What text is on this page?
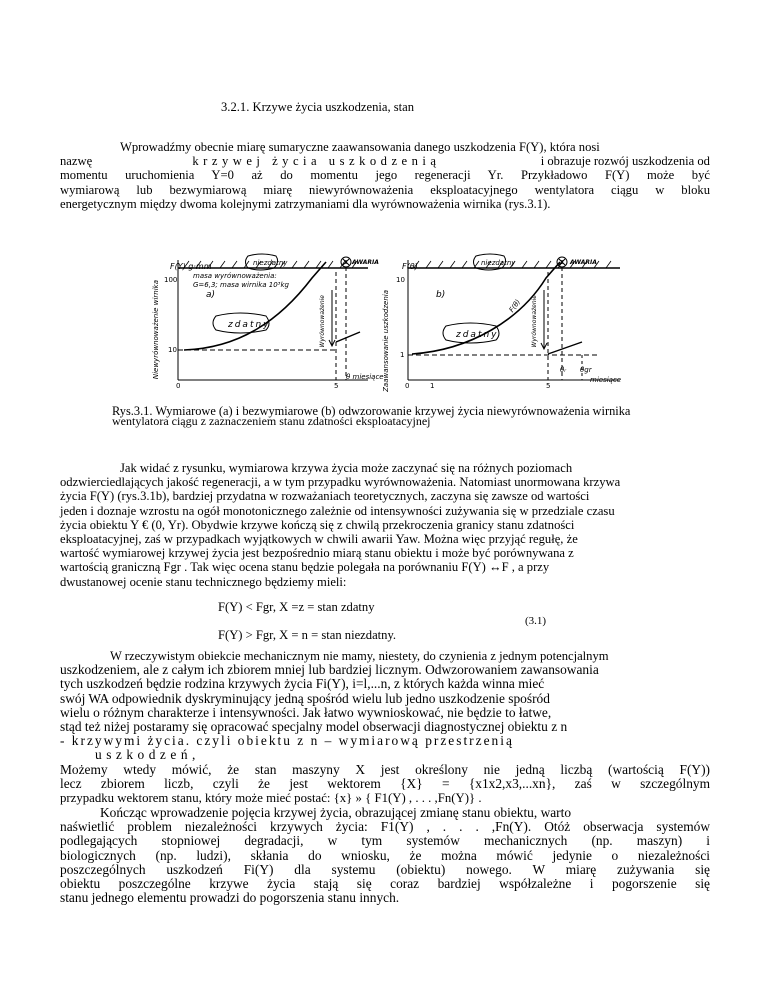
3.2.1. Krzywe życia uszkodzenia, stan
Wprowadźmy obecnie miarę sumaryczne zaawansowania danego uszkodzenia F(Y), która nosi
nazwę	krzywej życia uszkodzenią	i obrazuje rozwój uszkodzenia od
momentu uruchomienia Y=0 aż do momentu jego regeneracji Yr. Przykładowo F(Y) może być
wymiarową lub bezwymiarową miarę niewyrównoważenia eksploatacyjnego wentylatora ciągu w bloku
energetycznym między dwoma kolejnymi zatrzymaniami dla wyrównoważenia wirnika (rys.3.1).
Niewyrównoważenie wirnika
F(Y) g·mm
100
10
0	5
θ miesiące
a)
masa wyrównoważenia:
G=6,3; masa wirnika 10³kg
niezdatny
zdatny	Wyrównoważenie
AWARIA
Zaawansowanie uszkodzenia
F(θ)
10
1
0	1	5
θᵣ θgr
miesiące
b)
F(θ)
niezdatny
zdatny	Wyrównoważenie
AWARIA
Rys.3.1. Wymiarowe (a) i bezwymiarowe (b) odwzorowanie krzywej życia niewyrównoważenia wirnika
wentylatora ciągu z zaznaczeniem stanu zdatności eksploatacyjnej
Jak widać z rysunku, wymiarowa krzywa życia może zaczynać się na różnych poziomach
odzwierciedlających jakość regeneracji, a w tym przypadku wyrównoważenia. Natomiast unormowana krzywa
życia F(Y) (rys.3.1b), bardziej przydatna w rozważaniach teoretycznych, zaczyna się zawsze od wartości
jeden i doznaje wzrostu na ogół monotonicznego zależnie od intensywności zużywania się w przedziale czasu
życia obiektu Y € (0, Yr). Obydwie krzywe kończą się z chwilą przekroczenia granicy stanu zdatności
eksploatacyjnej, zaś w przypadkach wyjątkowych w chwili awarii Yaw. Można więc przyjąć regułę, że
wartość wymiarowej krzywej życia jest bezpośrednio miarą stanu obiektu i może być porównywana z
wartością graniczną Fgr . Tak więc ocena stanu będzie polegała na porównaniu F(Y) ↔F , a przy
dwustanowej ocenie stanu technicznego będziemy mieli:
F(Y) < Fgr, X =z = stan zdatny
(3.1)
F(Y) > Fgr, X = n = stan niezdatny.
W rzeczywistym obiekcie mechanicznym nie mamy, niestety, do czynienia z jednym potencjalnym
uszkodzeniem, ale z całym ich zbiorem mniej lub bardziej licznym. Odwzorowaniem zawansowania
tych uszkodzeń będzie rodzina krzywych życia Fi(Y), i=l,...n, z których każda winna mieć
swój WA odpowiednik dyskryminujący jedną spośród wielu lub jedno uszkodzenie spośród
wielu o różnym charakterze i intensywności. Jak łatwo wywnioskować, nie będzie to łatwe,
stąd też niżej postaramy się opracować specjalny model obserwacji diagnostycznej obiektu z n
- krzywymi życia. czyli obiektu z n – wymiarową przestrzenią
uszkodzeń,
Możemy wtedy mówić, że stan maszyny X jest określony nie jedną liczbą (wartością F(Y))
lecz zbiorem liczb, czyli że jest wektorem {X} = {x1x2,x3,...xn}, zaś w szczególnym
przypadku wektorem stanu, który może mieć postać: {x} » { F1(Y) , . . . ,Fn(Y)} .
Kończąc wprowadzenie pojęcia krzywej życia, obrazującej zmianę stanu obiektu, warto
naświetlić problem niezależności krzywych życia: F1(Y) , . . . ,Fn(Y). Otóż obserwacja systemów
podlegających stopniowej degradacji, w tym systemów mechanicznych (np. maszyn) i
biologicznych (np. ludzi), skłania do wniosku, że można mówić jedynie o niezależności
poszczególnych uszkodzeń Fi(Y) dla systemu (obiektu) nowego. W miarę zużywania się
obiektu poszczególne krzywe życia stają się coraz bardziej współzależne i pogorszenie się
stanu jednego elementu prowadzi do pogorszenia stanu innych.
